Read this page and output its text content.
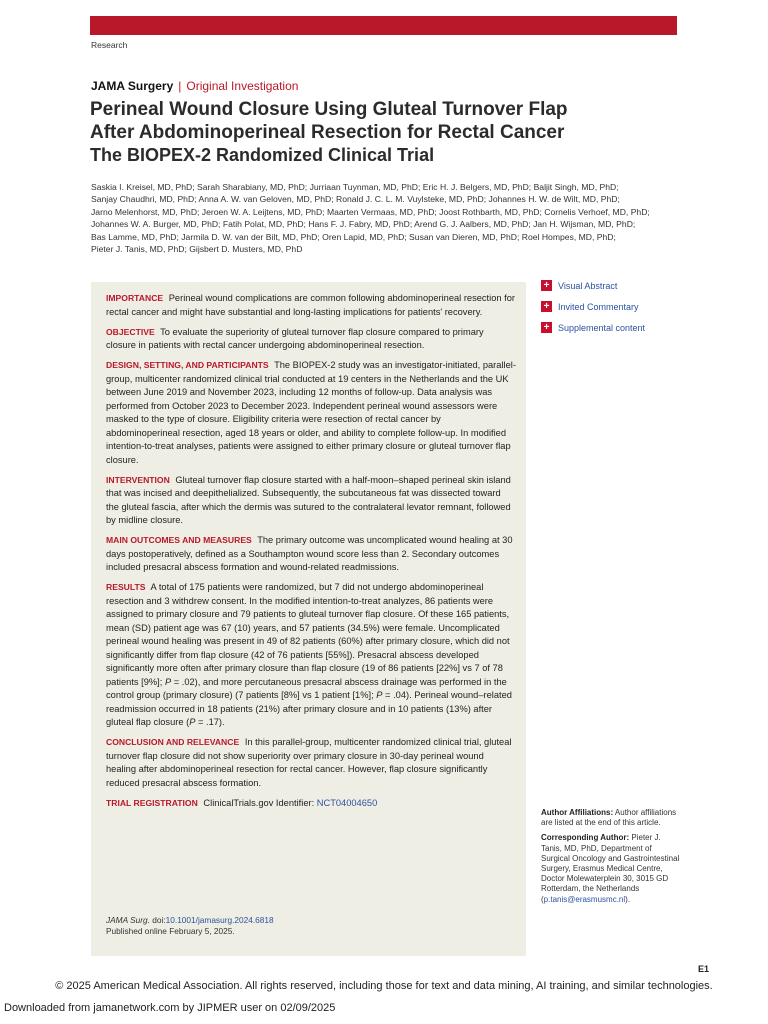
Research
JAMA Surgery | Original Investigation
Perineal Wound Closure Using Gluteal Turnover Flap
After Abdominoperineal Resection for Rectal Cancer
The BIOPEX-2 Randomized Clinical Trial

Saskia I. Kreisel, MD, PhD; Sarah Sharabiany, MD, PhD; Jurriaan Tuynman, MD, PhD; Eric H. J. Belgers, MD, PhD; Baljit Singh, MD, PhD;
Sanjay Chaudhri, MD, PhD; Anna A. W. van Geloven, MD, PhD; Ronald J. C. L. M. Vuylsteke, MD, PhD; Johannes H. W. de Wilt, MD, PhD;
Jarno Melenhorst, MD, PhD; Jeroen W. A. Leijtens, MD, PhD; Maarten Vermaas, MD, PhD; Joost Rothbarth, MD, PhD; Cornelis Verhoef, MD, PhD;
Johannes W. A. Burger, MD, PhD; Fatih Polat, MD, PhD; Hans F. J. Fabry, MD, PhD; Arend G. J. Aalbers, MD, PhD; Jan H. Wijsman, MD, PhD;
Bas Lamme, MD, PhD; Jarmila D. W. van der Bilt, MD, PhD; Oren Lapid, MD, PhD; Susan van Dieren, MD, PhD; Roel Hompes, MD, PhD;
Pieter J. Tanis, MD, PhD; Gijsbert D. Musters, MD, PhD

IMPORTANCE Perineal wound complications are common following abdominoperineal resection for rectal cancer and might have substantial and long-lasting implications for patients' recovery.

OBJECTIVE To evaluate the superiority of gluteal turnover flap closure compared to primary closure in patients with rectal cancer undergoing abdominoperineal resection.

DESIGN, SETTING, AND PARTICIPANTS The BIOPEX-2 study was an investigator-initiated, parallel-group, multicenter randomized clinical trial conducted at 19 centers in the Netherlands and the UK between June 2019 and November 2023, including 12 months of follow-up. Data analysis was performed from October 2023 to December 2023. Independent perineal wound assessors were masked to the type of closure. Eligibility criteria were resection of rectal cancer by abdominoperineal resection, aged 18 years or older, and ability to complete follow-up. In modified intention-to-treat analyses, patients were assigned to either primary closure or gluteal turnover flap closure.

INTERVENTION Gluteal turnover flap closure started with a half-moon–shaped perineal skin island that was incised and deepithelialized. Subsequently, the subcutaneous fat was dissected toward the gluteal fascia, after which the dermis was sutured to the contralateral levator remnant, followed by midline closure.

MAIN OUTCOMES AND MEASURES The primary outcome was uncomplicated wound healing at 30 days postoperatively, defined as a Southampton wound score less than 2. Secondary outcomes included presacral abscess formation and wound-related readmissions.

RESULTS A total of 175 patients were randomized, but 7 did not undergo abdominoperineal resection and 3 withdrew consent. In the modified intention-to-treat analyzes, 86 patients were assigned to primary closure and 79 patients to gluteal turnover flap closure. Of these 165 patients, mean (SD) patient age was 67 (10) years, and 57 patients (34.5%) were female. Uncomplicated perineal wound healing was present in 49 of 82 patients (60%) after primary closure, which did not significantly differ from flap closure (42 of 76 patients [55%]). Presacral abscess developed significantly more often after primary closure than flap closure (19 of 86 patients [22%] vs 7 of 78 patients [9%]; P = .02), and more percutaneous presacral abscess drainage was performed in the control group (primary closure) (7 patients [8%] vs 1 patient [1%]; P = .04). Perineal wound–related readmission occurred in 18 patients (21%) after primary closure and in 10 patients (13%) after gluteal flap closure (P = .17).

CONCLUSION AND RELEVANCE In this parallel-group, multicenter randomized clinical trial, gluteal turnover flap closure did not show superiority over primary closure in 30-day perineal wound healing after abdominoperineal resection for rectal cancer. However, flap closure significantly reduced presacral abscess formation.

TRIAL REGISTRATION ClinicalTrials.gov Identifier: NCT04004650

JAMA Surg. doi:10.1001/jamasurg.2024.6818
Published online February 5, 2025.
+ Visual Abstract
+ Invited Commentary
+ Supplemental content

Author Affiliations: Author affiliations are listed at the end of this article.

Corresponding Author: Pieter J. Tanis, MD, PhD, Department of Surgical Oncology and Gastrointestinal Surgery, Erasmus Medical Centre, Doctor Molewaterplein 30, 3015 GD Rotterdam, the Netherlands (p.tanis@erasmusmc.nl).

E1
© 2025 American Medical Association. All rights reserved, including those for text and data mining, AI training, and similar technologies.
Downloaded from jamanetwork.com by JIPMER user on 02/09/2025
